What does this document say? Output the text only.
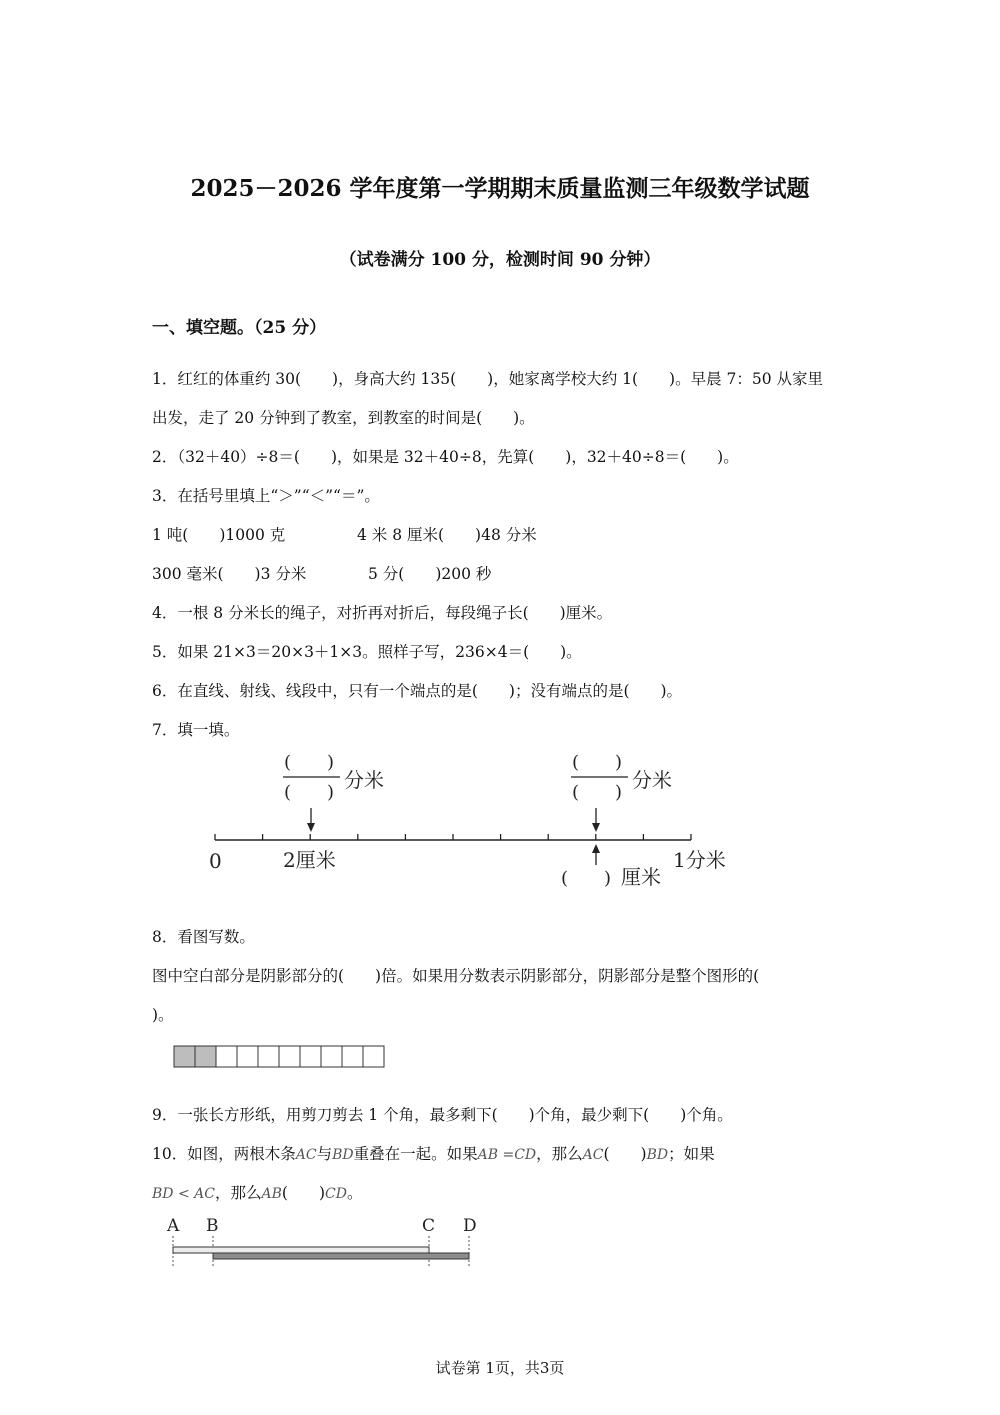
2025－2026 学年度第一学期期末质量监测三年级数学试题
（试卷满分 100 分，检测时间 90 分钟）
一、填空题。（25 分）
1．红红的体重约 30(　　)，身高大约 135(　　)，她家离学校大约 1(　　)。早晨 7：50 从家里
出发，走了 20 分钟到了教室，到教室的时间是(　　)。
2．（32＋40）÷8＝(　　)，如果是 32＋40÷8，先算(　　)，32＋40÷8＝(　　)。
3．在括号里填上“＞”“＜”“＝”。
1 吨(　　)1000 克	4 米 8 厘米(　　)48 分米
300 毫米(　　)3 分米	5 分(　　)200 秒
4．一根 8 分米长的绳子，对折再对折后，每段绳子长(　　)厘米。
5．如果 21×3＝20×3＋1×3。照样子写，236×4＝(　　)。
6．在直线、射线、线段中，只有一个端点的是(　　)；没有端点的是(　　)。
7．填一填。
(　　)
(　　)
分米
(　　)
(　　)
分米
0	2厘米	1分米
(　　) 厘米
8．看图写数。
图中空白部分是阴影部分的(　　)倍。如果用分数表示阴影部分，阴影部分是整个图形的(
)。
9．一张长方形纸，用剪刀剪去 1 个角，最多剩下(　　)个角，最少剩下(　　)个角。
10．如图，两根木条AC与BD重叠在一起。如果AB =CD，那么AC(　　)BD；如果
BD < AC，那么AB(　　)CD。
A B	C D
试卷第 1页，共3页
